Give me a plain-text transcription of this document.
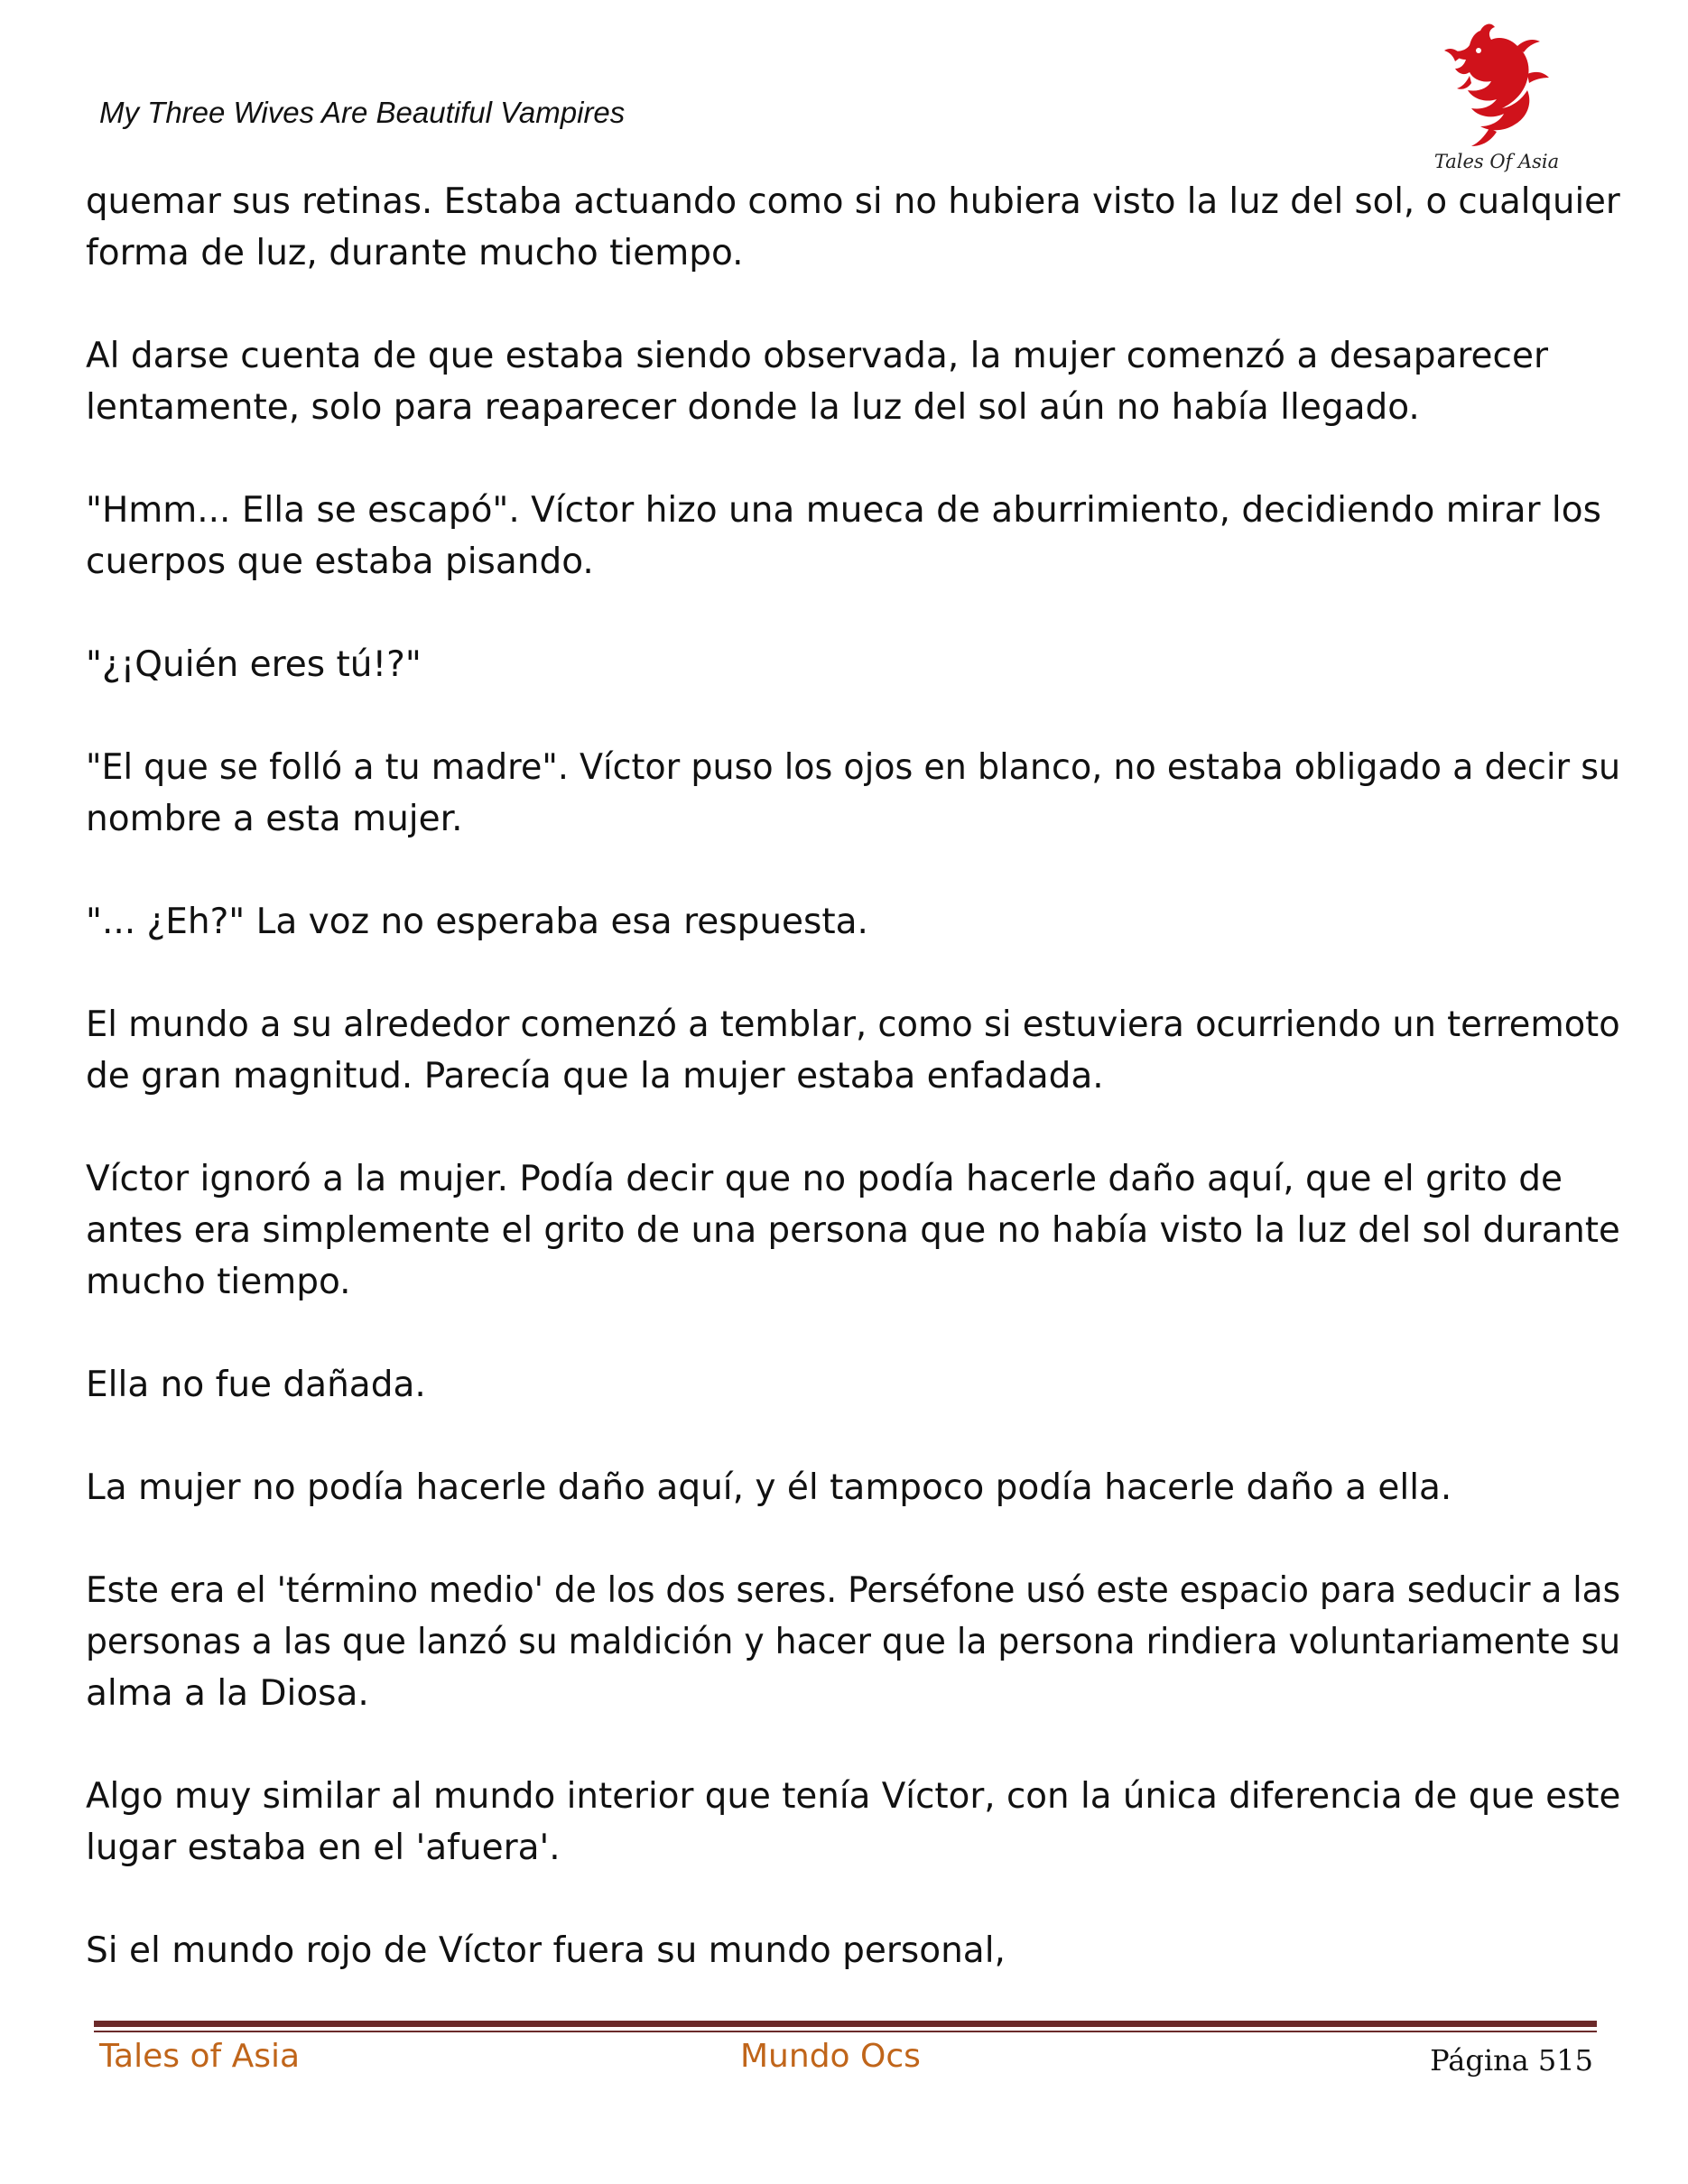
My Three Wives Are Beautiful Vampires
Tales Of Asia

quemar sus retinas. Estaba actuando como si no hubiera visto la luz del sol, o cualquier
forma de luz, durante mucho tiempo.

Al darse cuenta de que estaba siendo observada, la mujer comenzó a desaparecer
lentamente, solo para reaparecer donde la luz del sol aún no había llegado.

"Hmm... Ella se escapó". Víctor hizo una mueca de aburrimiento, decidiendo mirar los
cuerpos que estaba pisando.

"¿¡Quién eres tú!?"

"El que se folló a tu madre". Víctor puso los ojos en blanco, no estaba obligado a decir su
nombre a esta mujer.

"... ¿Eh?" La voz no esperaba esa respuesta.

El mundo a su alrededor comenzó a temblar, como si estuviera ocurriendo un terremoto
de gran magnitud. Parecía que la mujer estaba enfadada.

Víctor ignoró a la mujer. Podía decir que no podía hacerle daño aquí, que el grito de
antes era simplemente el grito de una persona que no había visto la luz del sol durante
mucho tiempo.

Ella no fue dañada.

La mujer no podía hacerle daño aquí, y él tampoco podía hacerle daño a ella.

Este era el 'término medio' de los dos seres. Perséfone usó este espacio para seducir a las
personas a las que lanzó su maldición y hacer que la persona rindiera voluntariamente su
alma a la Diosa.

Algo muy similar al mundo interior que tenía Víctor, con la única diferencia de que este
lugar estaba en el 'afuera'.

Si el mundo rojo de Víctor fuera su mundo personal,

Tales of Asia	Mundo Ocs	Página 515
